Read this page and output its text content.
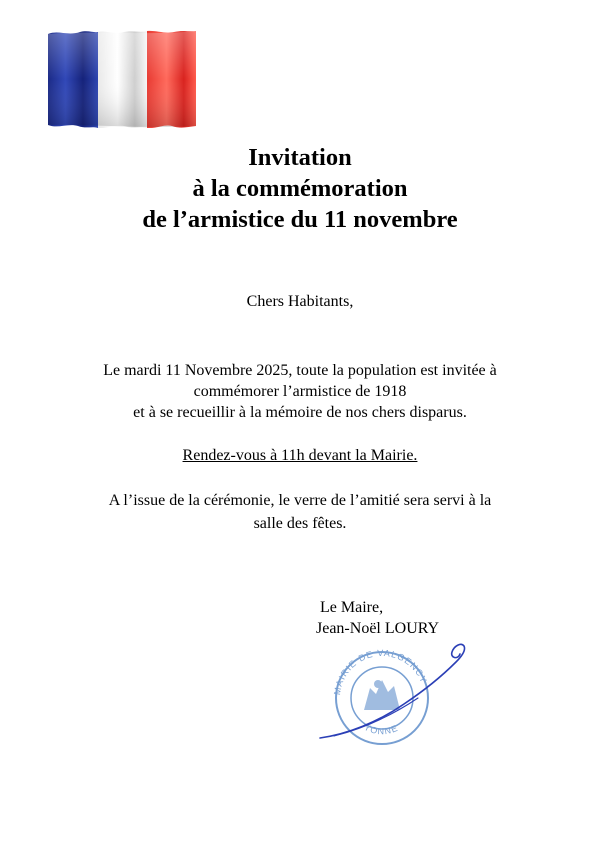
Invitation
à la commémoration
de l’armistice du 11 novembre
Chers Habitants,
Le mardi 11 Novembre 2025, toute la population est invitée à
commémorer l’armistice de 1918
et à se recueillir à la mémoire de nos chers disparus.
Rendez-vous à 11h devant la Mairie.
A l’issue de la cérémonie, le verre de l’amitié sera servi à la
salle des fêtes.
Le Maire,
Jean-Noël LOURY
MAIRIE DE VALGENCY
YONNE
